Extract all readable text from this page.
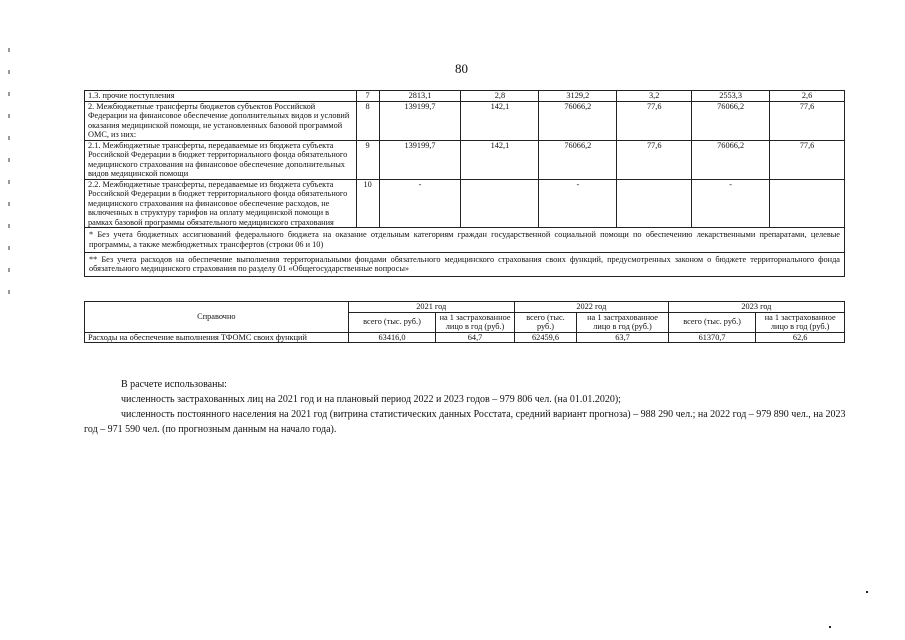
80
1.3. прочие поступления	7	2813,1	2,8	3129,2	3,2	2553,3	2,6
2. Межбюджетные трансферты бюджетов субъектов Российской Федерации на финансовое обеспечение дополнительных видов и условий оказания медицинской помощи, не установленных базовой программой ОМС, из них:	8	139199,7	142,1	76066,2	77,6	76066,2	77,6
2.1. Межбюджетные трансферты, передаваемые из бюджета субъекта Российской Федерации в бюджет территориального фонда обязательного медицинского страхования на финансовое обеспечение дополнительных видов медицинской помощи	9	139199,7	142,1	76066,2	77,6	76066,2	77,6
2.2. Межбюджетные трансферты, передаваемые из бюджета субъекта Российской Федерации в бюджет территориального фонда обязательного медицинского страхования на финансовое обеспечение расходов, не включенных в структуру тарифов на оплату медицинской помощи в рамках базовой программы обязательного медицинского страхования	10	-		-		-	
* Без учета бюджетных ассигнований федерального бюджета на оказание отдельным категориям граждан государственной социальной помощи по обеспечению лекарственными препаратами, целевые программы, а также межбюджетных трансфертов (строки 06 и 10)							
** Без учета расходов на обеспечение выполнения территориальными фондами обязательного медицинского страхования своих функций, предусмотренных законом о бюджете территориального фонда обязательного медицинского страхования по разделу 01 «Общегосударственные вопросы»							
Справочно	2021 год		2022 год		2023 год	
	всего (тыс. руб.)	на 1 застрахованное лицо в год (руб.)	всего (тыс. руб.)	на 1 застрахованное лицо в год (руб.)	всего (тыс. руб.)	на 1 застрахованное лицо в год (руб.)
Расходы на обеспечение выполнения ТФОМС своих функций	63416,0	64,7	62459,6	63,7	61370,7	62,6
В расчете использованы:
численность застрахованных лиц на 2021 год и на плановый период 2022 и 2023 годов – 979 806 чел. (на 01.01.2020);
численность постоянного населения на 2021 год (витрина статистических данных Росстата, средний вариант прогноза) – 988 290 чел.; на 2022 год – 979 890 чел., на 2023 год – 971 590 чел. (по прогнозным данным на начало года).
